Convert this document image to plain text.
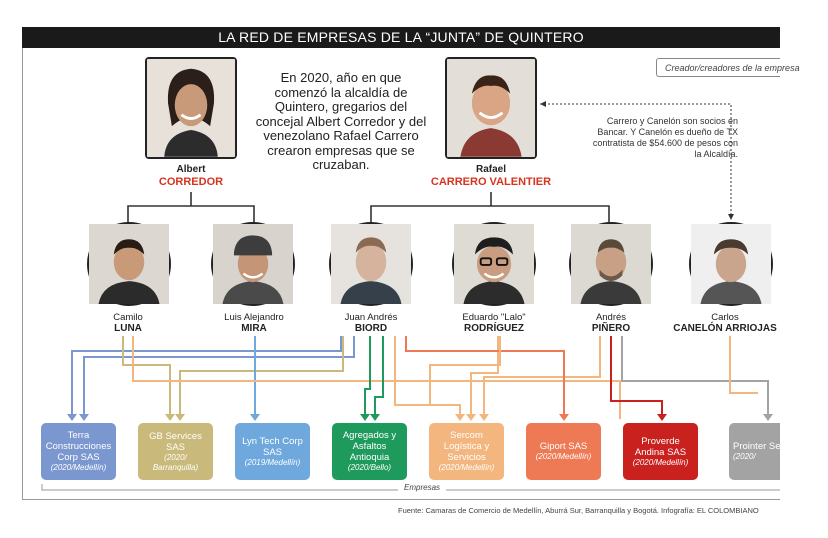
LA RED DE EMPRESAS DE LA “JUNTA” DE QUINTERO
Creador/creadores de la empresa
En 2020, año en que comenzó la alcaldía de Quintero, gregarios del concejal Albert Corredor y del venezolano Rafael Carrero crearon empresas que se cruzaban.
Carrero y Canelón son socios en Bancar. Y Canelón es dueño de TX contratista de $54.600 de pesos con la Alcaldía.
Albert
CORREDOR
Rafael
CARRERO VALENTIER
Camilo
LUNA
Luis Alejandro
MIRA
Juan Andrés
BIORD
Eduardo "Lalo"
RODRÍGUEZ
Andrés
PIÑERO
Carlos
CANELÓN ARRIOJAS
Terra Construcciones Corp SAS
(2020/Medellín)
GB Services SAS
(2020/ Barranquilla)
Lyn Tech Corp SAS
(2019/Medellín)
Agregados y Asfaltos Antioquia
(2020/Bello)
Sercom Logística y Servicios
(2020/Medellín)
Giport SAS
(2020/Medellín)
Proverde Andina SAS
(2020/Medellín)
Prointer Ser Integrales
(2020/
Empresas
Fuente: Camaras de Comercio de Medellín, Aburrá Sur, Barranquilla y Bogotá. Infografía: EL COLOMBIANO
